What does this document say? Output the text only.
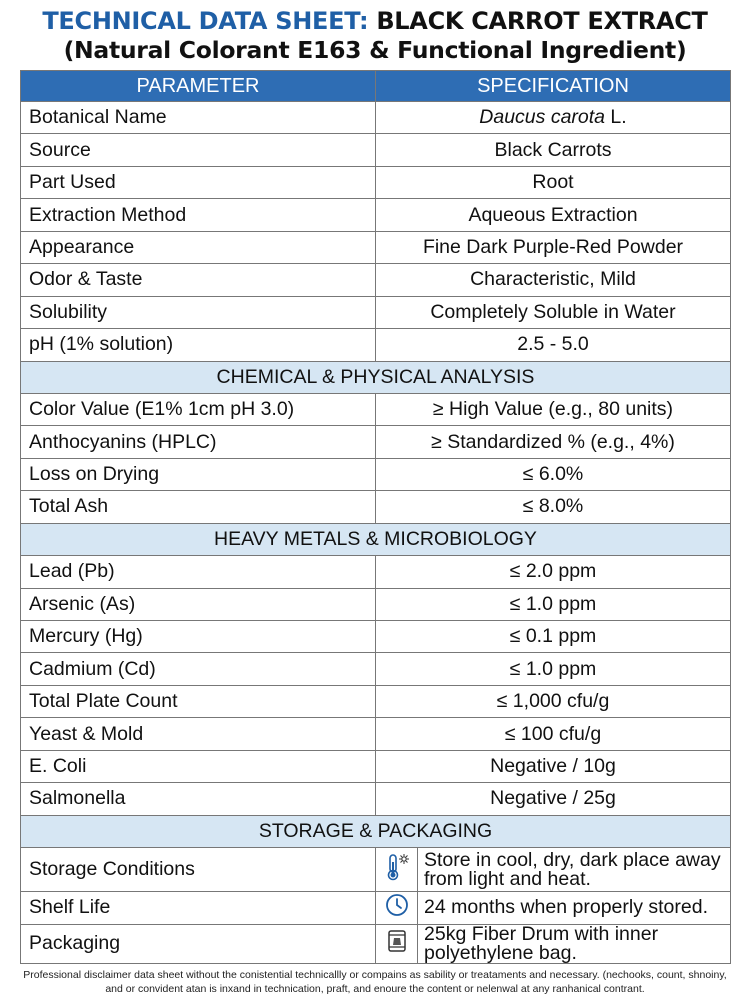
TECHNICAL DATA SHEET: BLACK CARROT EXTRACT
(Natural Colorant E163 & Functional Ingredient)
PARAMETER	SPECIFICATION	
Botanical Name	Daucus carota L.	
Source	Black Carrots	
Part Used	Root	
Extraction Method	Aqueous Extraction	
Appearance	Fine Dark Purple-Red Powder	
Odor & Taste	Characteristic, Mild	
Solubility	Completely Soluble in Water	
pH (1% solution)	2.5 - 5.0	
CHEMICAL & PHYSICAL ANALYSIS		
Color Value (E1% 1cm pH 3.0)	≥ High Value (e.g., 80 units)	
Anthocyanins (HPLC)	≥ Standardized % (e.g., 4%)	
Loss on Drying	≤ 6.0%	
Total Ash	≤ 8.0%	
HEAVY METALS & MICROBIOLOGY		
Lead (Pb)	≤ 2.0 ppm	
Arsenic (As)	≤ 1.0 ppm	
Mercury (Hg)	≤ 0.1 ppm	
Cadmium (Cd)	≤ 1.0 ppm	
Total Plate Count	≤ 1,000 cfu/g	
Yeast & Mold	≤ 100 cfu/g	
E. Coli	Negative / 10g	
Salmonella	Negative / 25g	
STORAGE & PACKAGING		
Storage Conditions		Store in cool, dry, dark place away from light and heat.
Shelf Life		24 months when properly stored.
Packaging		25kg Fiber Drum with inner polyethylene bag.
Professional disclaimer data sheet without the conistential technicallly or compains as sability or treataments and necessary. (nechooks, count, shnoiny, and or convident atan is inxand in technication, praft, and enoure the content or nelenwal at any ranhanical contrant.
